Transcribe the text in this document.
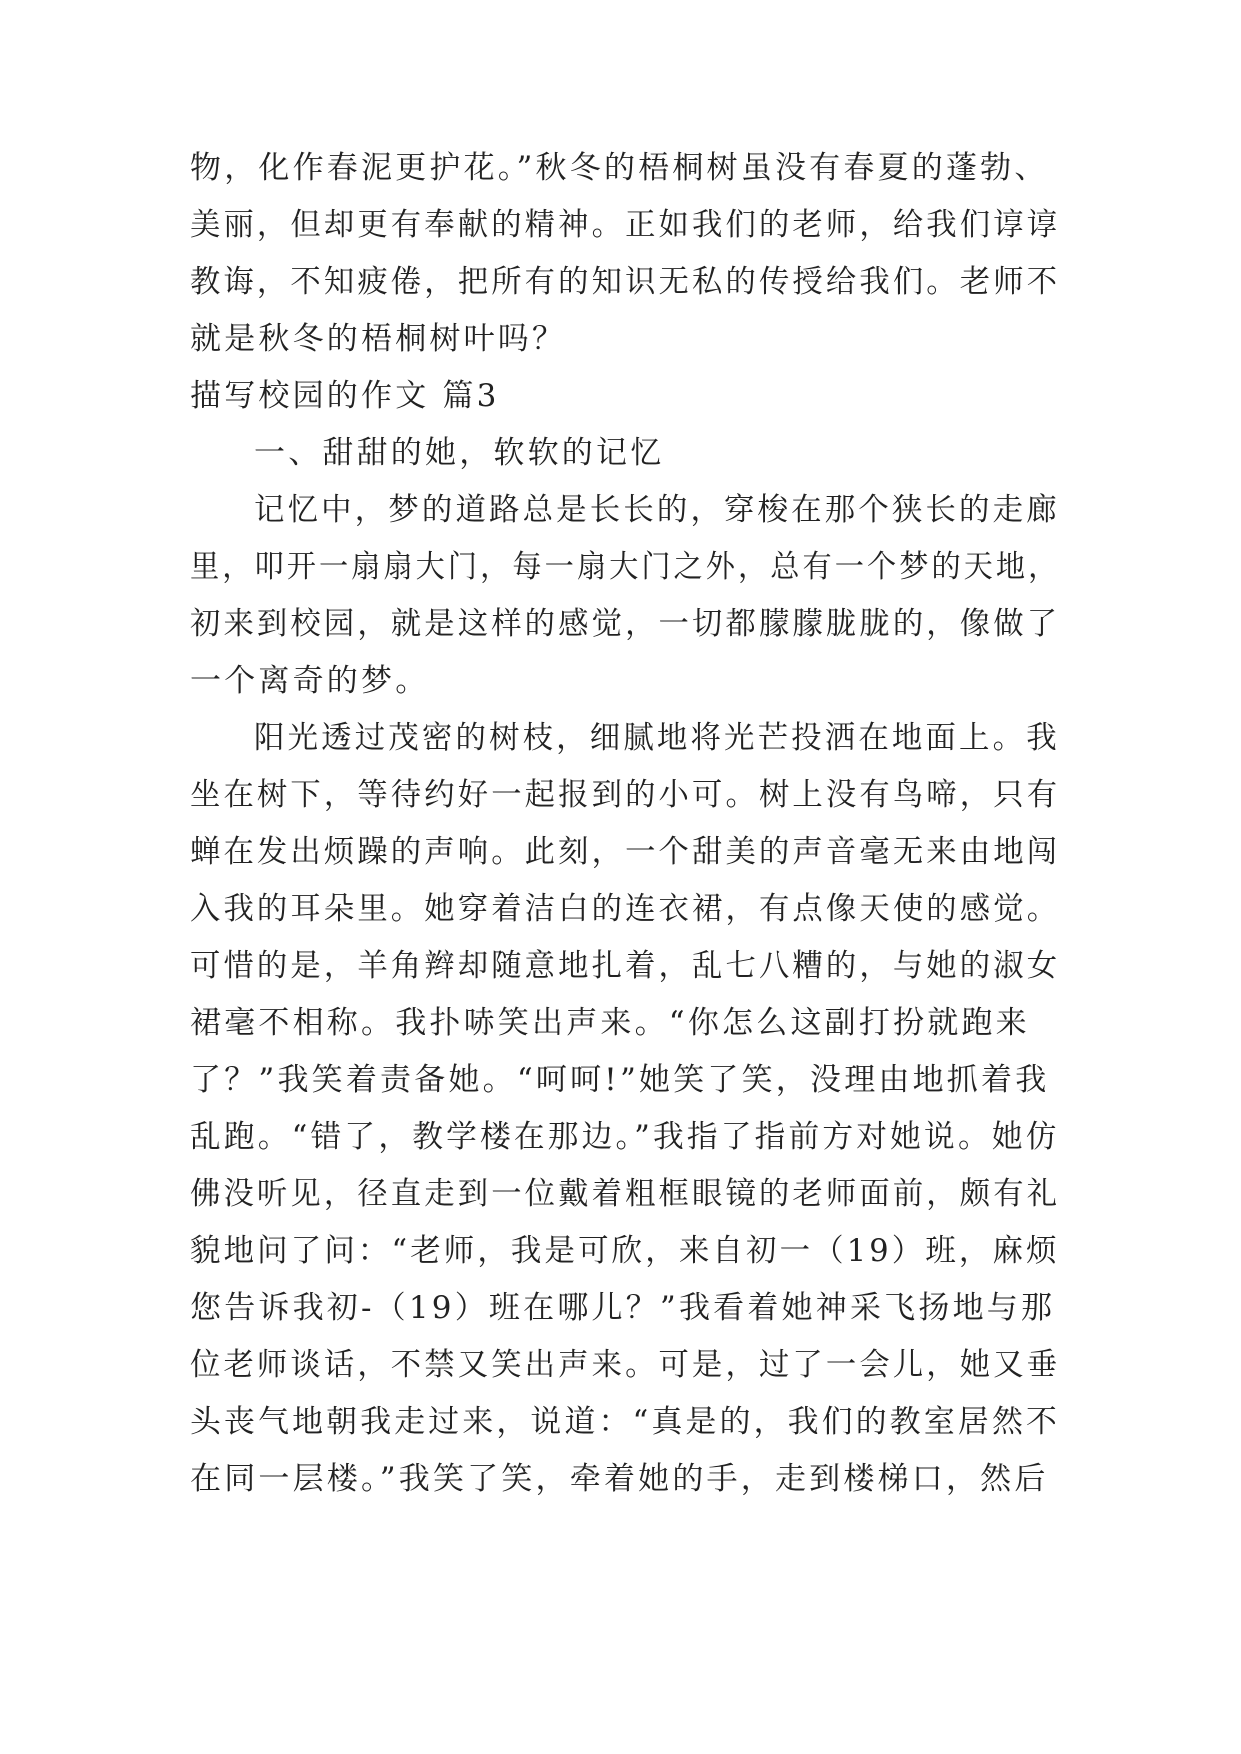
物，化作春泥更护花。”秋冬的梧桐树虽没有春夏的蓬勃、
美丽，但却更有奉献的精神。正如我们的老师，给我们谆谆
教诲，不知疲倦，把所有的知识无私的传授给我们。老师不
就是秋冬的梧桐树叶吗？
描写校园的作文 篇3
一、甜甜的她，软软的记忆
记忆中，梦的道路总是长长的，穿梭在那个狭长的走廊
里，叩开一扇扇大门，每一扇大门之外，总有一个梦的天地，
初来到校园，就是这样的感觉，一切都朦朦胧胧的，像做了
一个离奇的梦。
阳光透过茂密的树枝，细腻地将光芒投洒在地面上。我
坐在树下，等待约好一起报到的小可。树上没有鸟啼，只有
蝉在发出烦躁的声响。此刻，一个甜美的声音毫无来由地闯
入我的耳朵里。她穿着洁白的连衣裙，有点像天使的感觉。
可惜的是，羊角辫却随意地扎着，乱七八糟的，与她的淑女
裙毫不相称。我扑哧笑出声来。“你怎么这副打扮就跑来
了？”我笑着责备她。“呵呵!”她笑了笑，没理由地抓着我
乱跑。“错了，教学楼在那边。”我指了指前方对她说。她仿
佛没听见，径直走到一位戴着粗框眼镜的老师面前，颇有礼
貌地问了问：“老师，我是可欣，来自初一（19）班，麻烦
您告诉我初-（19）班在哪儿？”我看着她神采飞扬地与那
位老师谈话，不禁又笑出声来。可是，过了一会儿，她又垂
头丧气地朝我走过来，说道：“真是的，我们的教室居然不
在同一层楼。”我笑了笑，牵着她的手，走到楼梯口，然后
